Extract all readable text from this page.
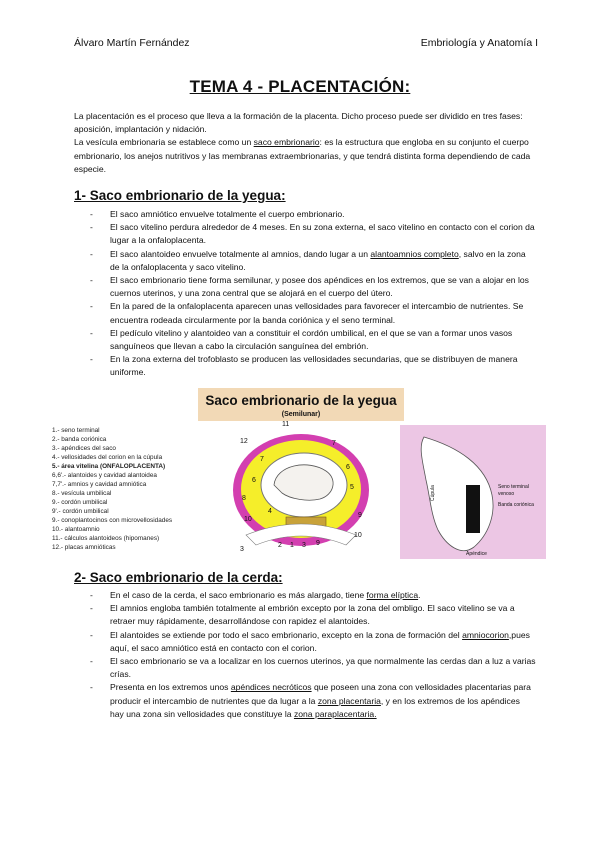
Álvaro Martín Fernández	Embriología y Anatomía I
TEMA 4 - PLACENTACIÓN:

La placentación es el proceso que lleva a la formación de la placenta. Dicho proceso puede ser dividido en tres fases: aposición, implantación y nidación.

La vesícula embrionaria se establece como un saco embrionario: es la estructura que engloba en su conjunto el cuerpo embrionario, los anejos nutritivos y las membranas extraembrionarias, y que tendrá distinta forma dependiendo de cada especie.

1- Saco embrionario de la yegua:
- El saco amniótico envuelve totalmente el cuerpo embrionario.
- El saco vitelino perdura alrededor de 4 meses. En su zona externa, el saco vitelino en contacto con el corion da lugar a la onfaloplacenta.
- El saco alantoideo envuelve totalmente al amnios, dando lugar a un alantoamnios completo, salvo en la zona de la onfaloplacenta y saco vitelino.
- El saco embrionario tiene forma semilunar, y posee dos apéndices en los extremos, que se van a alojar en los cuernos uterinos, y una zona central que se alojará en el cuerpo del útero.
- En la pared de la onfaloplacenta aparecen unas vellosidades para favorecer el intercambio de nutrientes. Se encuentra rodeada circularmente por la banda coriónica y el seno terminal.
- El pedículo vitelino y alantoideo van a constituir el cordón umbilical, en el que se van a formar unos vasos sanguíneos que llevan a cabo la circulación sanguínea del embrión.
- En la zona externa del trofoblasto se producen las vellosidades secundarias, que se distribuyen de manera uniforme.
Saco embrionario de la yegua
(Semilunar)
1.- seno terminal
2.- banda coriónica
3.- apéndices del saco
4.- vellosidades del corion en la cúpula
5.- área vitelina (ONFALOPLACENTA)
6,6'.- alantoides y cavidad alantoidea
7,7'.- amnios y cavidad amniótica
8.- vesícula umbilical
9.- cordón umbilical
9'.- cordón umbilical
9.- conoplantocinos con microvellosidades
10.- alantoamnio
11.- cálculos alantoideos (hipomanes)
12.- placas amnióticas
11
12
7
6
8
4
2 1 3 9
6
5
7
10
3
9
10
Seno terminal
venoso
Banda coriónica
Cúpula
Apéndice
2- Saco embrionario de la cerda:
- En el caso de la cerda, el saco embrionario es más alargado, tiene forma elíptica.
- El amnios engloba también totalmente al embrión excepto por la zona del ombligo. El saco vitelino se va a retraer muy rápidamente, desarrollándose con rapidez el alantoides.
- El alantoides se extiende por todo el saco embrionario, excepto en la zona de formación del amniocorion,pues aquí, el saco amniótico está en contacto con el corion.
- El saco embrionario se va a localizar en los cuernos uterinos, ya que normalmente las cerdas dan a luz a varias crías.
- Presenta en los extremos unos apéndices necróticos que poseen una zona con vellosidades placentarias para producir el intercambio de nutrientes que da lugar a la zona placentaria, y en los extremos de los apéndices hay una zona sin vellosidades que constituye la zona paraplacentaria.
